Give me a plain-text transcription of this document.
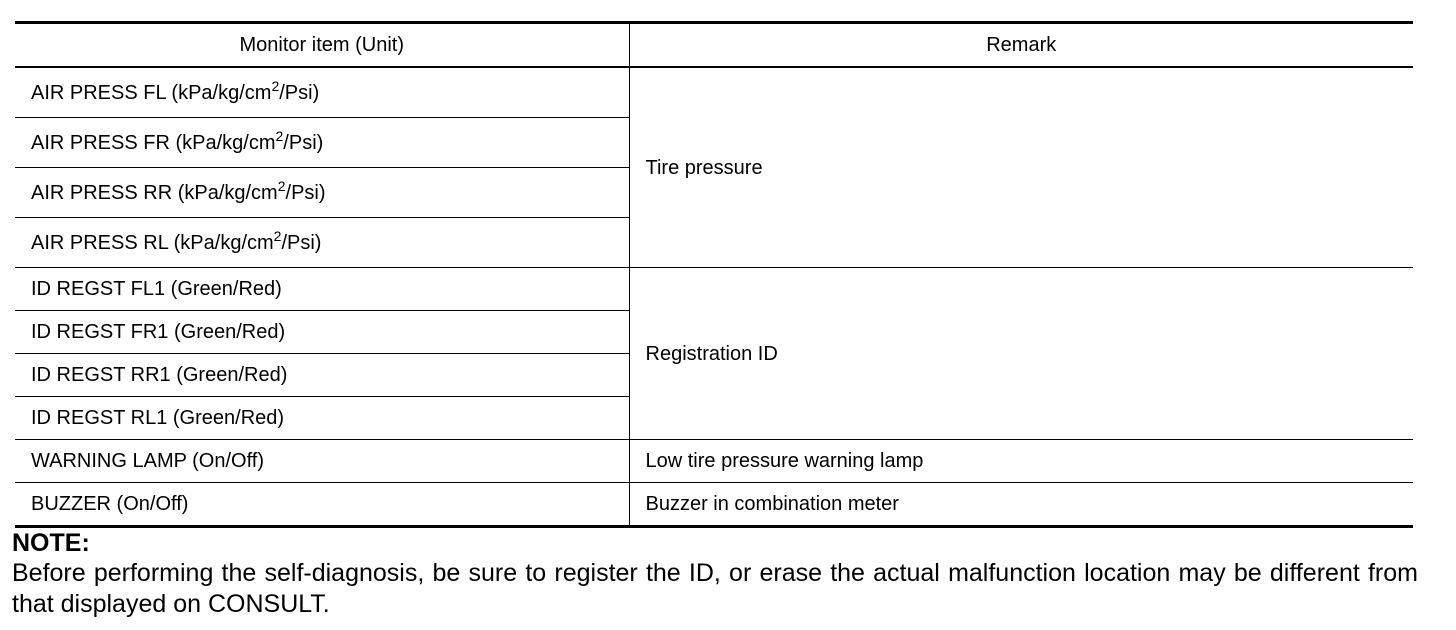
Monitor item (Unit)	Remark
AIR PRESS FL $(kPa/kg/cm^2/Psi)$	Tire pressure
AIR PRESS FR $(kPa/kg/cm^2/Psi)$	
AIR PRESS RR $(kPa/kg/cm^2/Psi)$	
AIR PRESS RL $(kPa/kg/cm^2/Psi)$	
ID REGST FL1 (Green/Red)	Registration ID
ID REGST FR1 (Green/Red)	
ID REGST RR1 (Green/Red)	
ID REGST RL1 (Green/Red)	
WARNING LAMP (On/Off)	Low tire pressure warning lamp
BUZZER (On/Off)	Buzzer in combination meter
NOTE:
Before performing the self-diagnosis, be sure to register the ID, or erase the actual malfunction location may be different from that displayed on CONSULT.
